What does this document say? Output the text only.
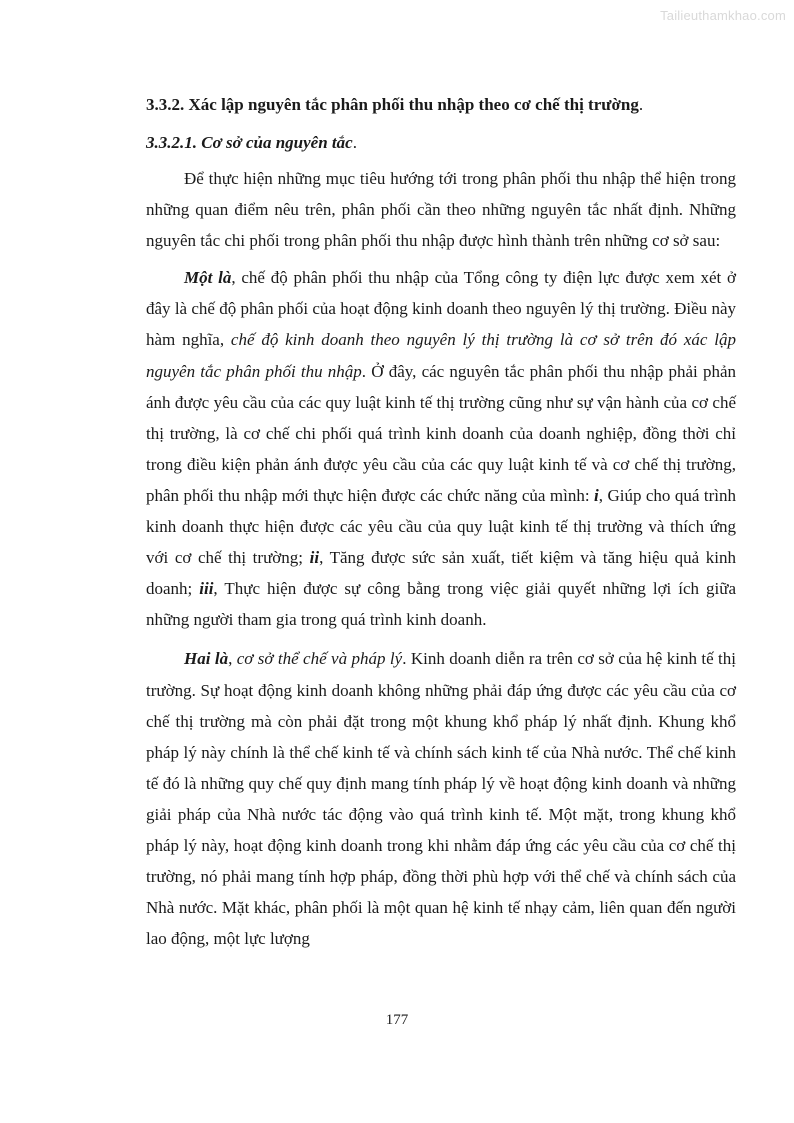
Tailieuthamkhao.com
3.3.2. Xác lập nguyên tắc phân phối thu nhập theo cơ chế thị trường.
3.3.2.1. Cơ sở của nguyên tắc.

Để thực hiện những mục tiêu hướng tới trong phân phối thu nhập thể hiện trong những quan điểm nêu trên, phân phối cần theo những nguyên tắc nhất định. Những nguyên tắc chi phối trong phân phối thu nhập được hình thành trên những cơ sở sau:

Một là, chế độ phân phối thu nhập của Tổng công ty điện lực được xem xét ở đây là chế độ phân phối của hoạt động kinh doanh theo nguyên lý thị trường. Điều này hàm nghĩa, chế độ kinh doanh theo nguyên lý thị trường là cơ sở trên đó xác lập nguyên tắc phân phối thu nhập. Ở đây, các nguyên tắc phân phối thu nhập phải phản ánh được yêu cầu của các quy luật kinh tế thị trường cũng như sự vận hành của cơ chế thị trường, là cơ chế chi phối quá trình kinh doanh của doanh nghiệp, đồng thời chỉ trong điều kiện phản ánh được yêu cầu của các quy luật kinh tế và cơ chế thị trường, phân phối thu nhập mới thực hiện được các chức năng của mình: i, Giúp cho quá trình kinh doanh thực hiện được các yêu cầu của quy luật kinh tế thị trường và thích ứng với cơ chế thị trường; ii, Tăng được sức sản xuất, tiết kiệm và tăng hiệu quả kinh doanh; iii, Thực hiện được sự công bằng trong việc giải quyết những lợi ích giữa những người tham gia trong quá trình kinh doanh.

Hai là, cơ sở thể chế và pháp lý. Kinh doanh diễn ra trên cơ sở của hệ kinh tế thị trường. Sự hoạt động kinh doanh không những phải đáp ứng được các yêu cầu của cơ chế thị trường mà còn phải đặt trong một khung khổ pháp lý nhất định. Khung khổ pháp lý này chính là thể chế kinh tế và chính sách kinh tế của Nhà nước. Thể chế kinh tế đó là những quy chế quy định mang tính pháp lý về hoạt động kinh doanh và những giải pháp của Nhà nước tác động vào quá trình kinh tế. Một mặt, trong khung khổ pháp lý này, hoạt động kinh doanh trong khi nhằm đáp ứng các yêu cầu của cơ chế thị trường, nó phải mang tính hợp pháp, đồng thời phù hợp với thể chế và chính sách của Nhà nước. Mặt khác, phân phối là một quan hệ kinh tế nhạy cảm, liên quan đến người lao động, một lực lượng

177
